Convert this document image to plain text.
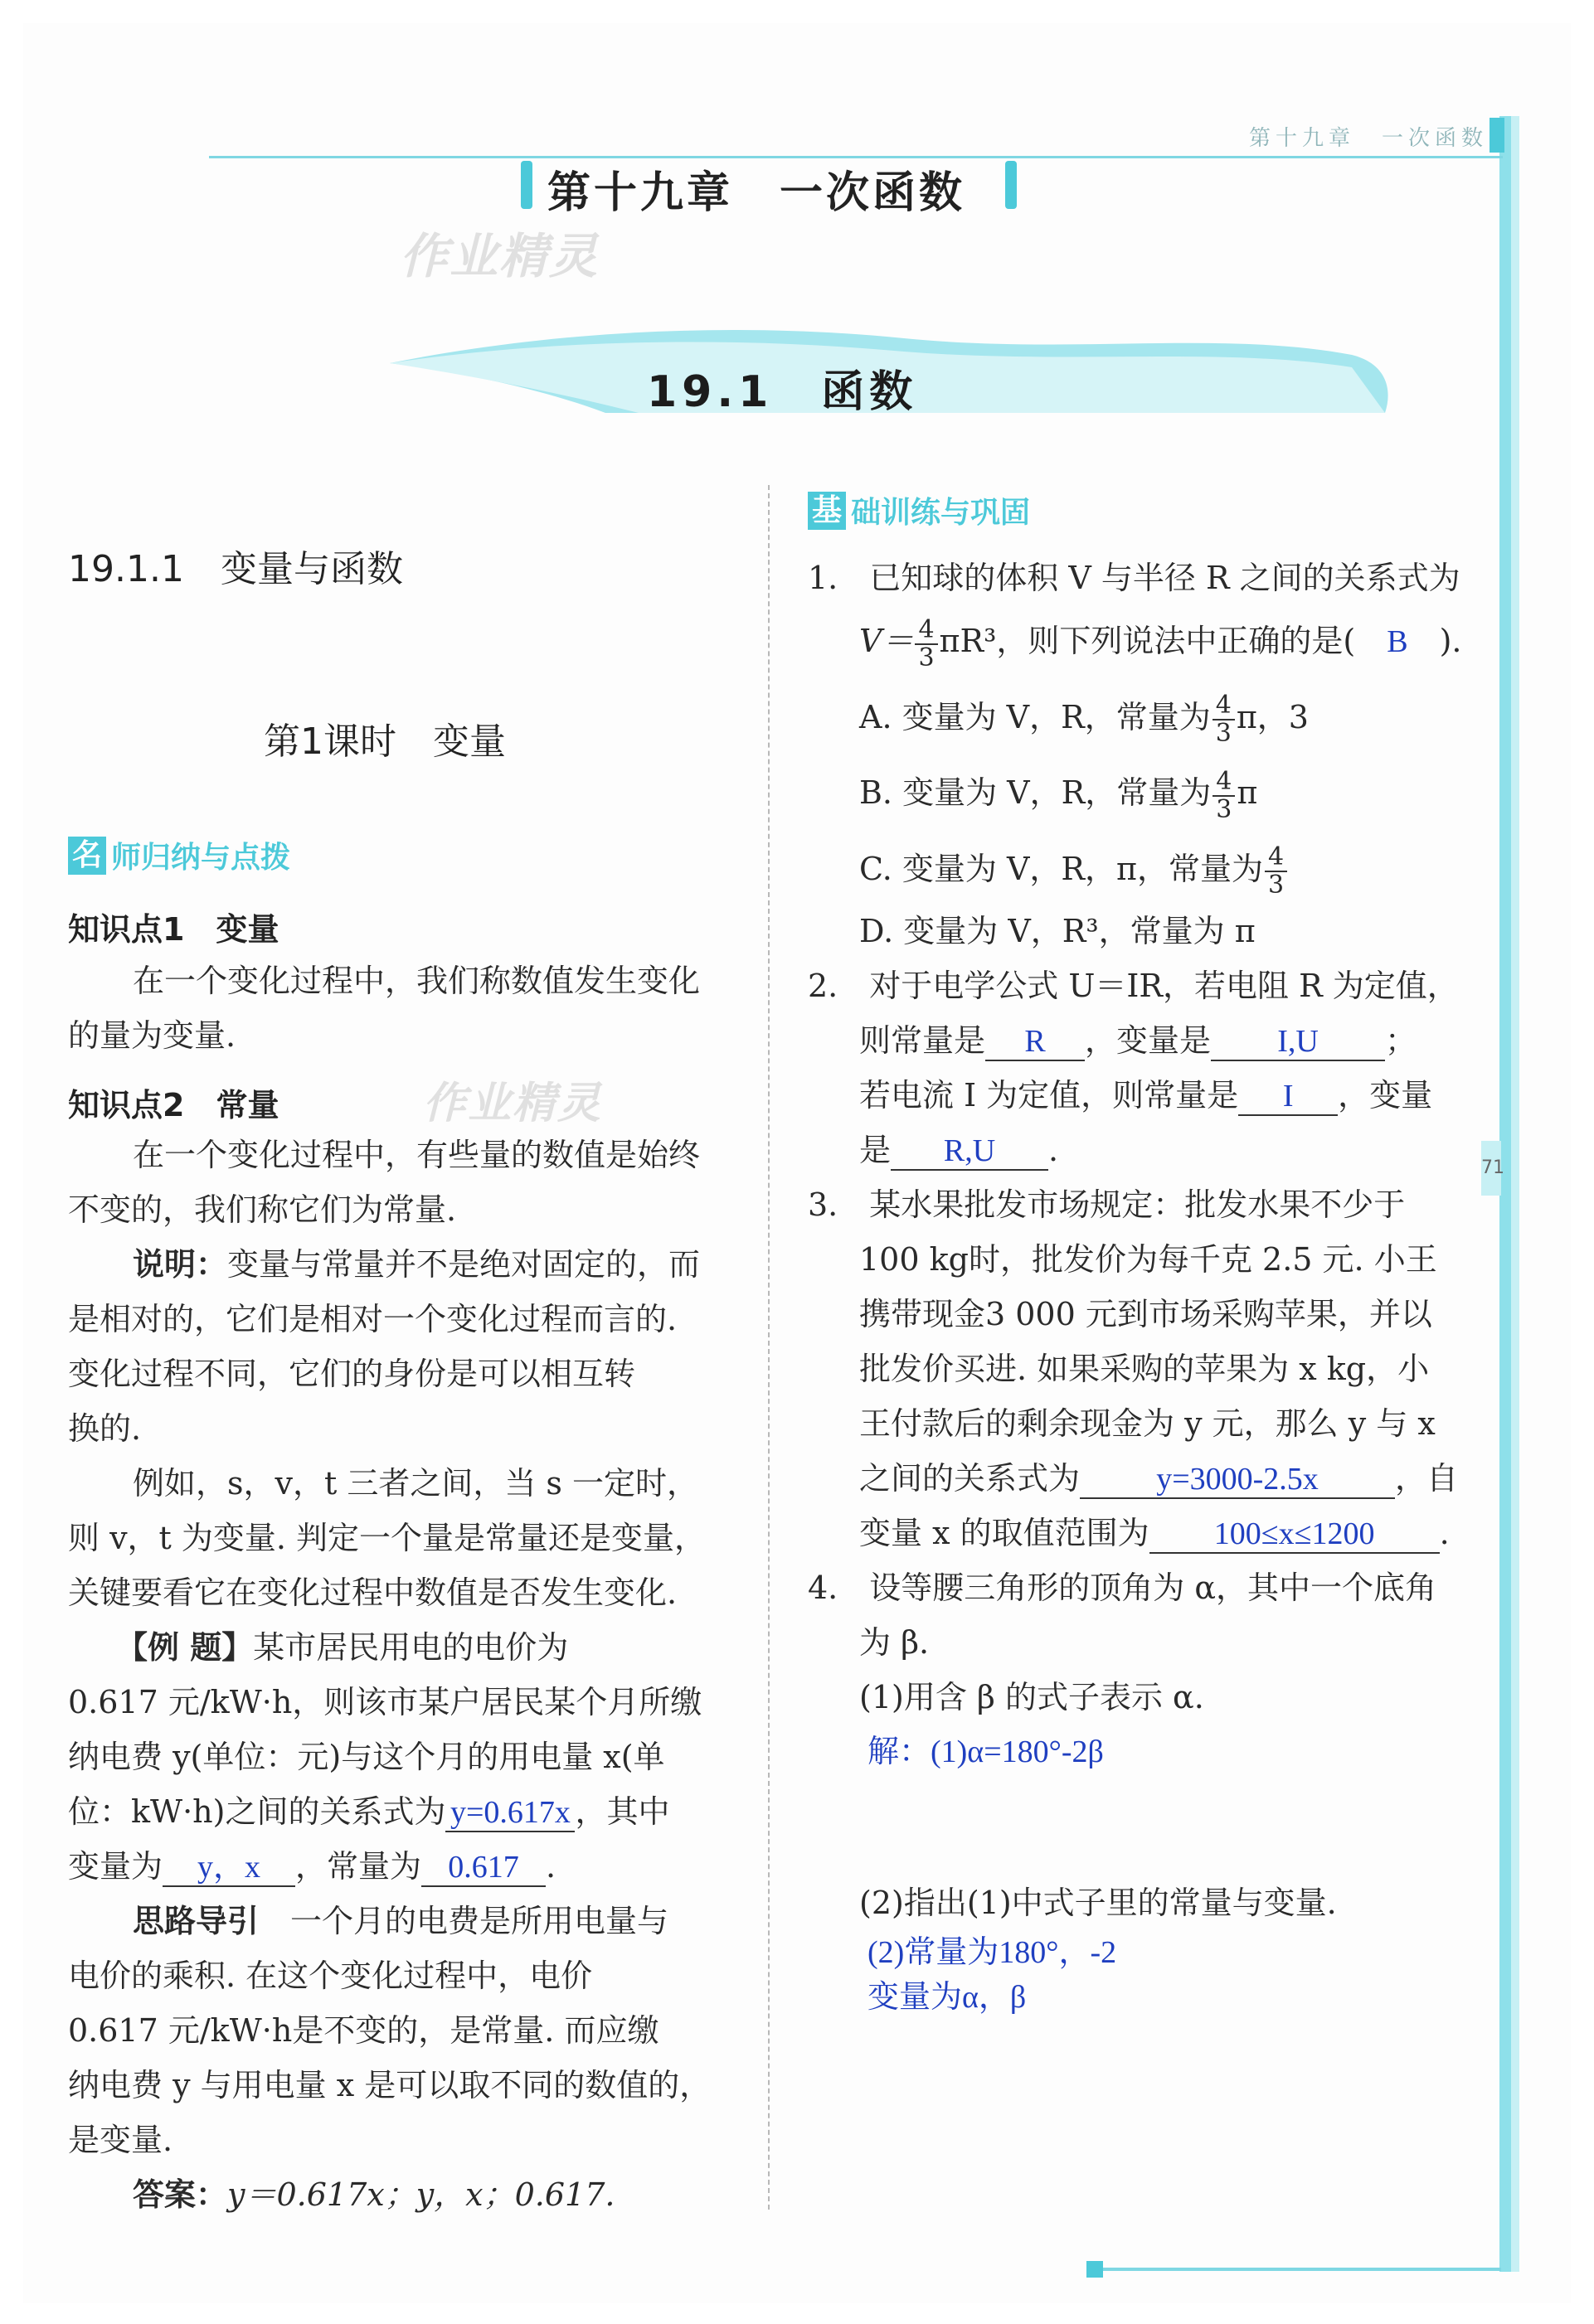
第十九章　一次函数
71
第十九章　一次函数
作业精灵
19.1　函数
19.1.1　变量与函数
第1课时　变量
名 师归纳与点拨
知识点1　变量
在一个变化过程中，我们称数值发生变化
的量为变量.
知识点2　常量	作业精灵
在一个变化过程中，有些量的数值是始终
不变的，我们称它们为常量.
说明：变量与常量并不是绝对固定的，而
是相对的，它们是相对一个变化过程而言的.
变化过程不同，它们的身份是可以相互转
换的.
例如，s，v，t 三者之间，当 s 一定时，
则 v，t 为变量. 判定一个量是常量还是变量，
关键要看它在变化过程中数值是否发生变化.
【例 题】某市居民用电的电价为
0.617 元/kW·h，则该市某户居民某个月所缴
纳电费 y(单位：元)与这个月的用电量 x(单
位：kW·h)之间的关系式为 y=0.617x ，其中
变量为 y，x ，常量为 0.617 .
思路导引　 一个月的电费是所用电量与
电价的乘积. 在这个变化过程中，电价
0.617 元/kW·h是不变的，是常量. 而应缴
纳电费 y 与用电量 x 是可以取不同的数值的，
是变量.
答案：y＝0.617x；y，x；0.617.
基 础训练与巩固
1.　 已知球的体积 V 与半径 R 之间的关系式为
$V= \frac{4}{3} \pi R^3$，则下列说法中正确的是(　 B　 ).
A. 变量为 V，R，常量为 $\frac{4}{3}$ π，3
B. 变量为 V，R，常量为 $\frac{4}{3}$ π
C. 变量为 V，R，π，常量为 $\frac{4}{3}$
D. 变量为 V，R³，常量为 π
2.　 对于电学公式 U＝IR，若电阻 R 为定值，
则常量是 R ，变量是 I,U ；
若电流 I 为定值，则常量是 I ，变量
是 R,U .
3.　 某水果批发市场规定：批发水果不少于
100 kg时，批发价为每千克 2.5 元. 小王
携带现金3 000 元到市场采购苹果，并以
批发价买进. 如果采购的苹果为 x kg，小
王付款后的剩余现金为 y 元，那么 y 与 x
之间的关系式为 y=3000-2.5x ，自
变量 x 的取值范围为 100≤x≤1200 .
4.　 设等腰三角形的顶角为 α，其中一个底角
为 β.
(1)用含 β 的式子表示 α.
解：(1)α=180°-2β
(2)指出(1)中式子里的常量与变量.
(2)常量为180°，-2
变量为α，β
